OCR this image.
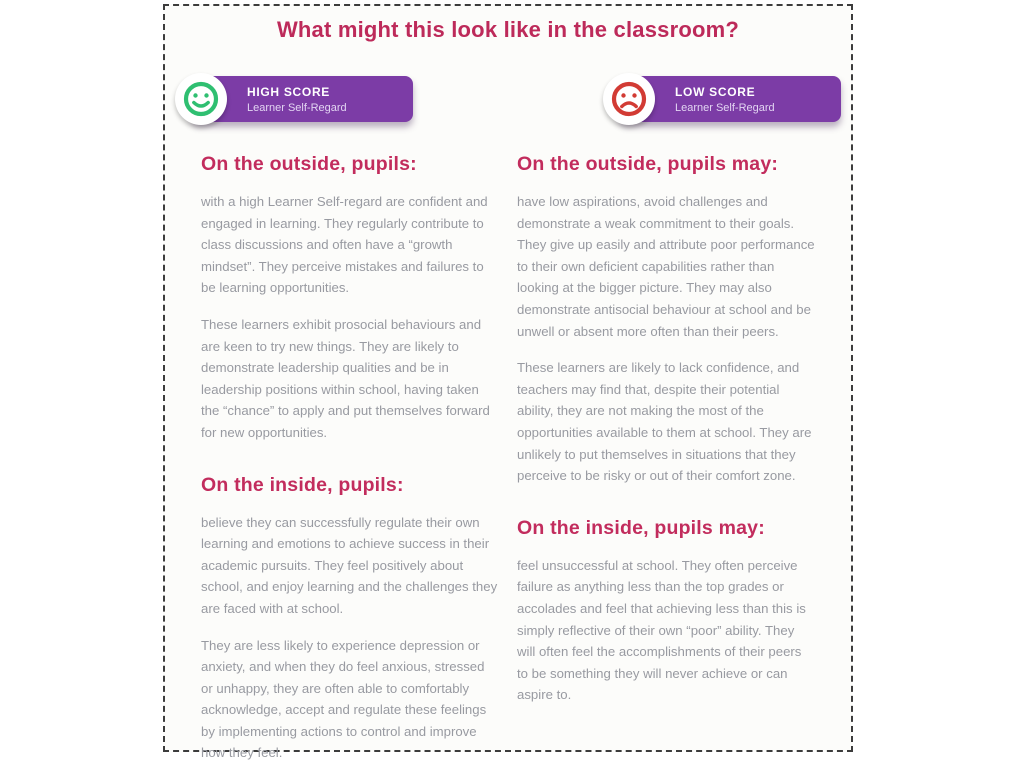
What might this look like in the classroom?
HIGH SCORE
Learner Self-Regard
LOW SCORE
Learner Self-Regard
On the outside, pupils:

with a high Learner Self-regard are confident and engaged in learning. They regularly contribute to class discussions and often have a “growth mindset”. They perceive mistakes and failures to be learning opportunities.

These learners exhibit prosocial behaviours and are keen to try new things. They are likely to demonstrate leadership qualities and be in leadership positions within school, having taken the “chance” to apply and put themselves forward for new opportunities.

On the inside, pupils:

believe they can successfully regulate their own learning and emotions to achieve success in their academic pursuits. They feel positively about school, and enjoy learning and the challenges they are faced with at school.

They are less likely to experience depression or anxiety, and when they do feel anxious, stressed or unhappy, they are often able to comfortably acknowledge, accept and regulate these feelings by implementing actions to control and improve how they feel.

On the outside, pupils may:

have low aspirations, avoid challenges and demonstrate a weak commitment to their goals. They give up easily and attribute poor performance to their own deficient capabilities rather than looking at the bigger picture. They may also demonstrate antisocial behaviour at school and be unwell or absent more often than their peers.

These learners are likely to lack confidence, and teachers may find that, despite their potential ability, they are not making the most of the opportunities available to them at school. They are unlikely to put themselves in situations that they perceive to be risky or out of their comfort zone.

On the inside, pupils may:

feel unsuccessful at school. They often perceive failure as anything less than the top grades or accolades and feel that achieving less than this is simply reflective of their own “poor” ability. They will often feel the accomplishments of their peers to be something they will never achieve or can aspire to.
